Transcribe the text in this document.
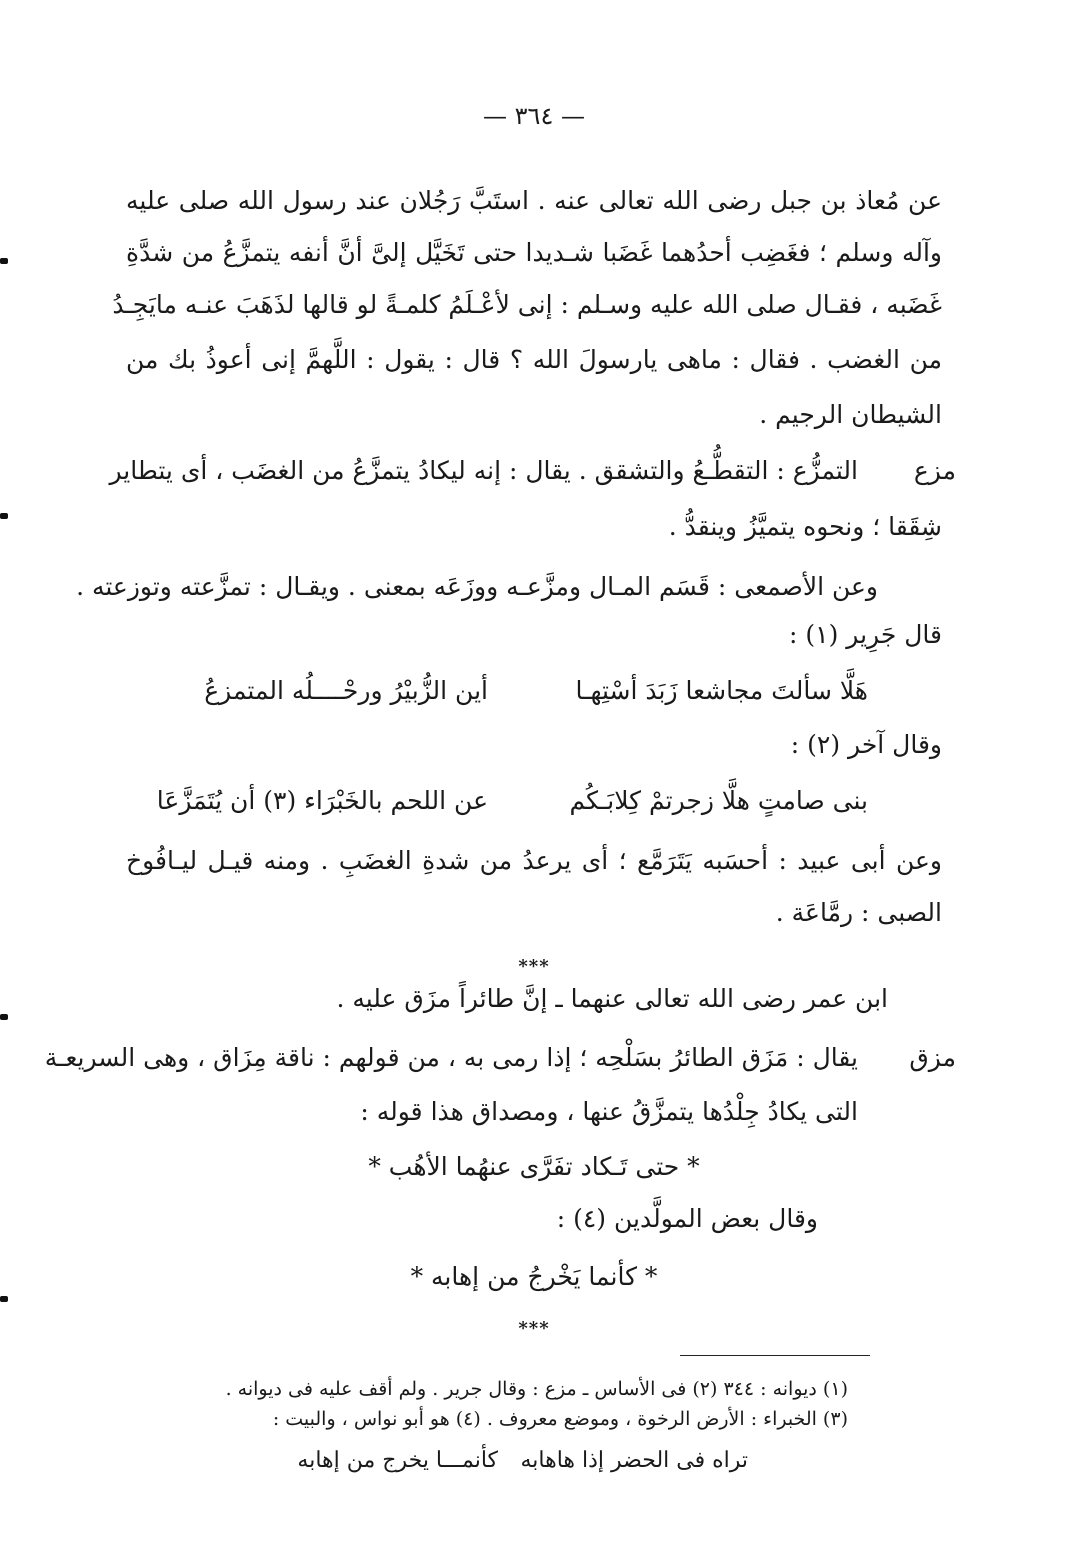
— ٣٦٤ —
عن مُعاذ بن جبل رضى الله تعالى عنه . استَبَّ رَجُلان عند رسول الله صلى عليه
وآله وسلم ؛ فغَضِب أحدُهما غَضَبا شـديدا حتى تَخَيَّل إلىَّ أنَّ أنفه يتمزَّعُ من شدَّةِ
غَضَبه ، فقـال صلى الله عليه وسـلم : إنى لأعْـلَمُ كلمـةً لو قالها لذَهَبَ عنـه مايَجِـدُ
من الغضب . فقال : ماهى يارسولَ الله ؟ قال : يقول : اللَّهمَّ إنى أعوذُ بك من
الشيطان الرجيم .
مزع
التمزُّع : التقطُّـعُ والتشقق . يقال : إنه ليكادُ يتمزَّعُ من الغضَب ، أى يتطاير
شِقَقا ؛ ونحوه يتميَّزُ وينقدُّ .
وعن الأصمعى : قَسَم المـال ومزَّعـه ووزَعَه بمعنى . ويقـال : تمزَّعته وتوزعته .
قال جَرِير (١) :
هَلَّا سألتَ مجاشعا زَبَدَ أسْتِهـا
أين الزُّبيْرُ ورحْــــلُه المتمزعُ
وقال آخر (٢) :
بنى صامتٍ هلَّا زجرتمْ كِلابَـكُم
عن اللحم بالخَبْرَاء (٣) أن يُتَمَزَّعَا
وعن أبى عبيد : أحسَبه يَتَرَمَّع ؛ أى يرعدُ من شدةِ الغضَبِ . ومنه قيـل ليـافُوخ
الصبى : رمَّاعَة .
***
ابن عمر رضى الله تعالى عنهما ـ إنَّ طائراً مزَق عليه .
مزق
يقال : مَزَق الطائرُ بسَلْحِه ؛ إذا رمى به ، من قولهم : ناقة مِزَاق ، وهى السريعـة
التى يكادُ جِلْدُها يتمزَّقُ عنها ، ومصداق هذا قوله :
* حتى تَـكاد تفَرَّى عنهُما الأهُب *
وقال بعض المولَّدين (٤) :
* كأنما يَخْرجُ من إهابه *
***
(١) ديوانه : ٣٤٤ (٢) فى الأساس ـ مزع : وقال جرير . ولم أقف عليه فى ديوانه .
(٣) الخبراء : الأرض الرخوة ، وموضع معروف . (٤) هو أبو نواس ، والبيت :
تراه فى الحضر إذا هاهابه
كأنمـــا يخرج من إهابه
